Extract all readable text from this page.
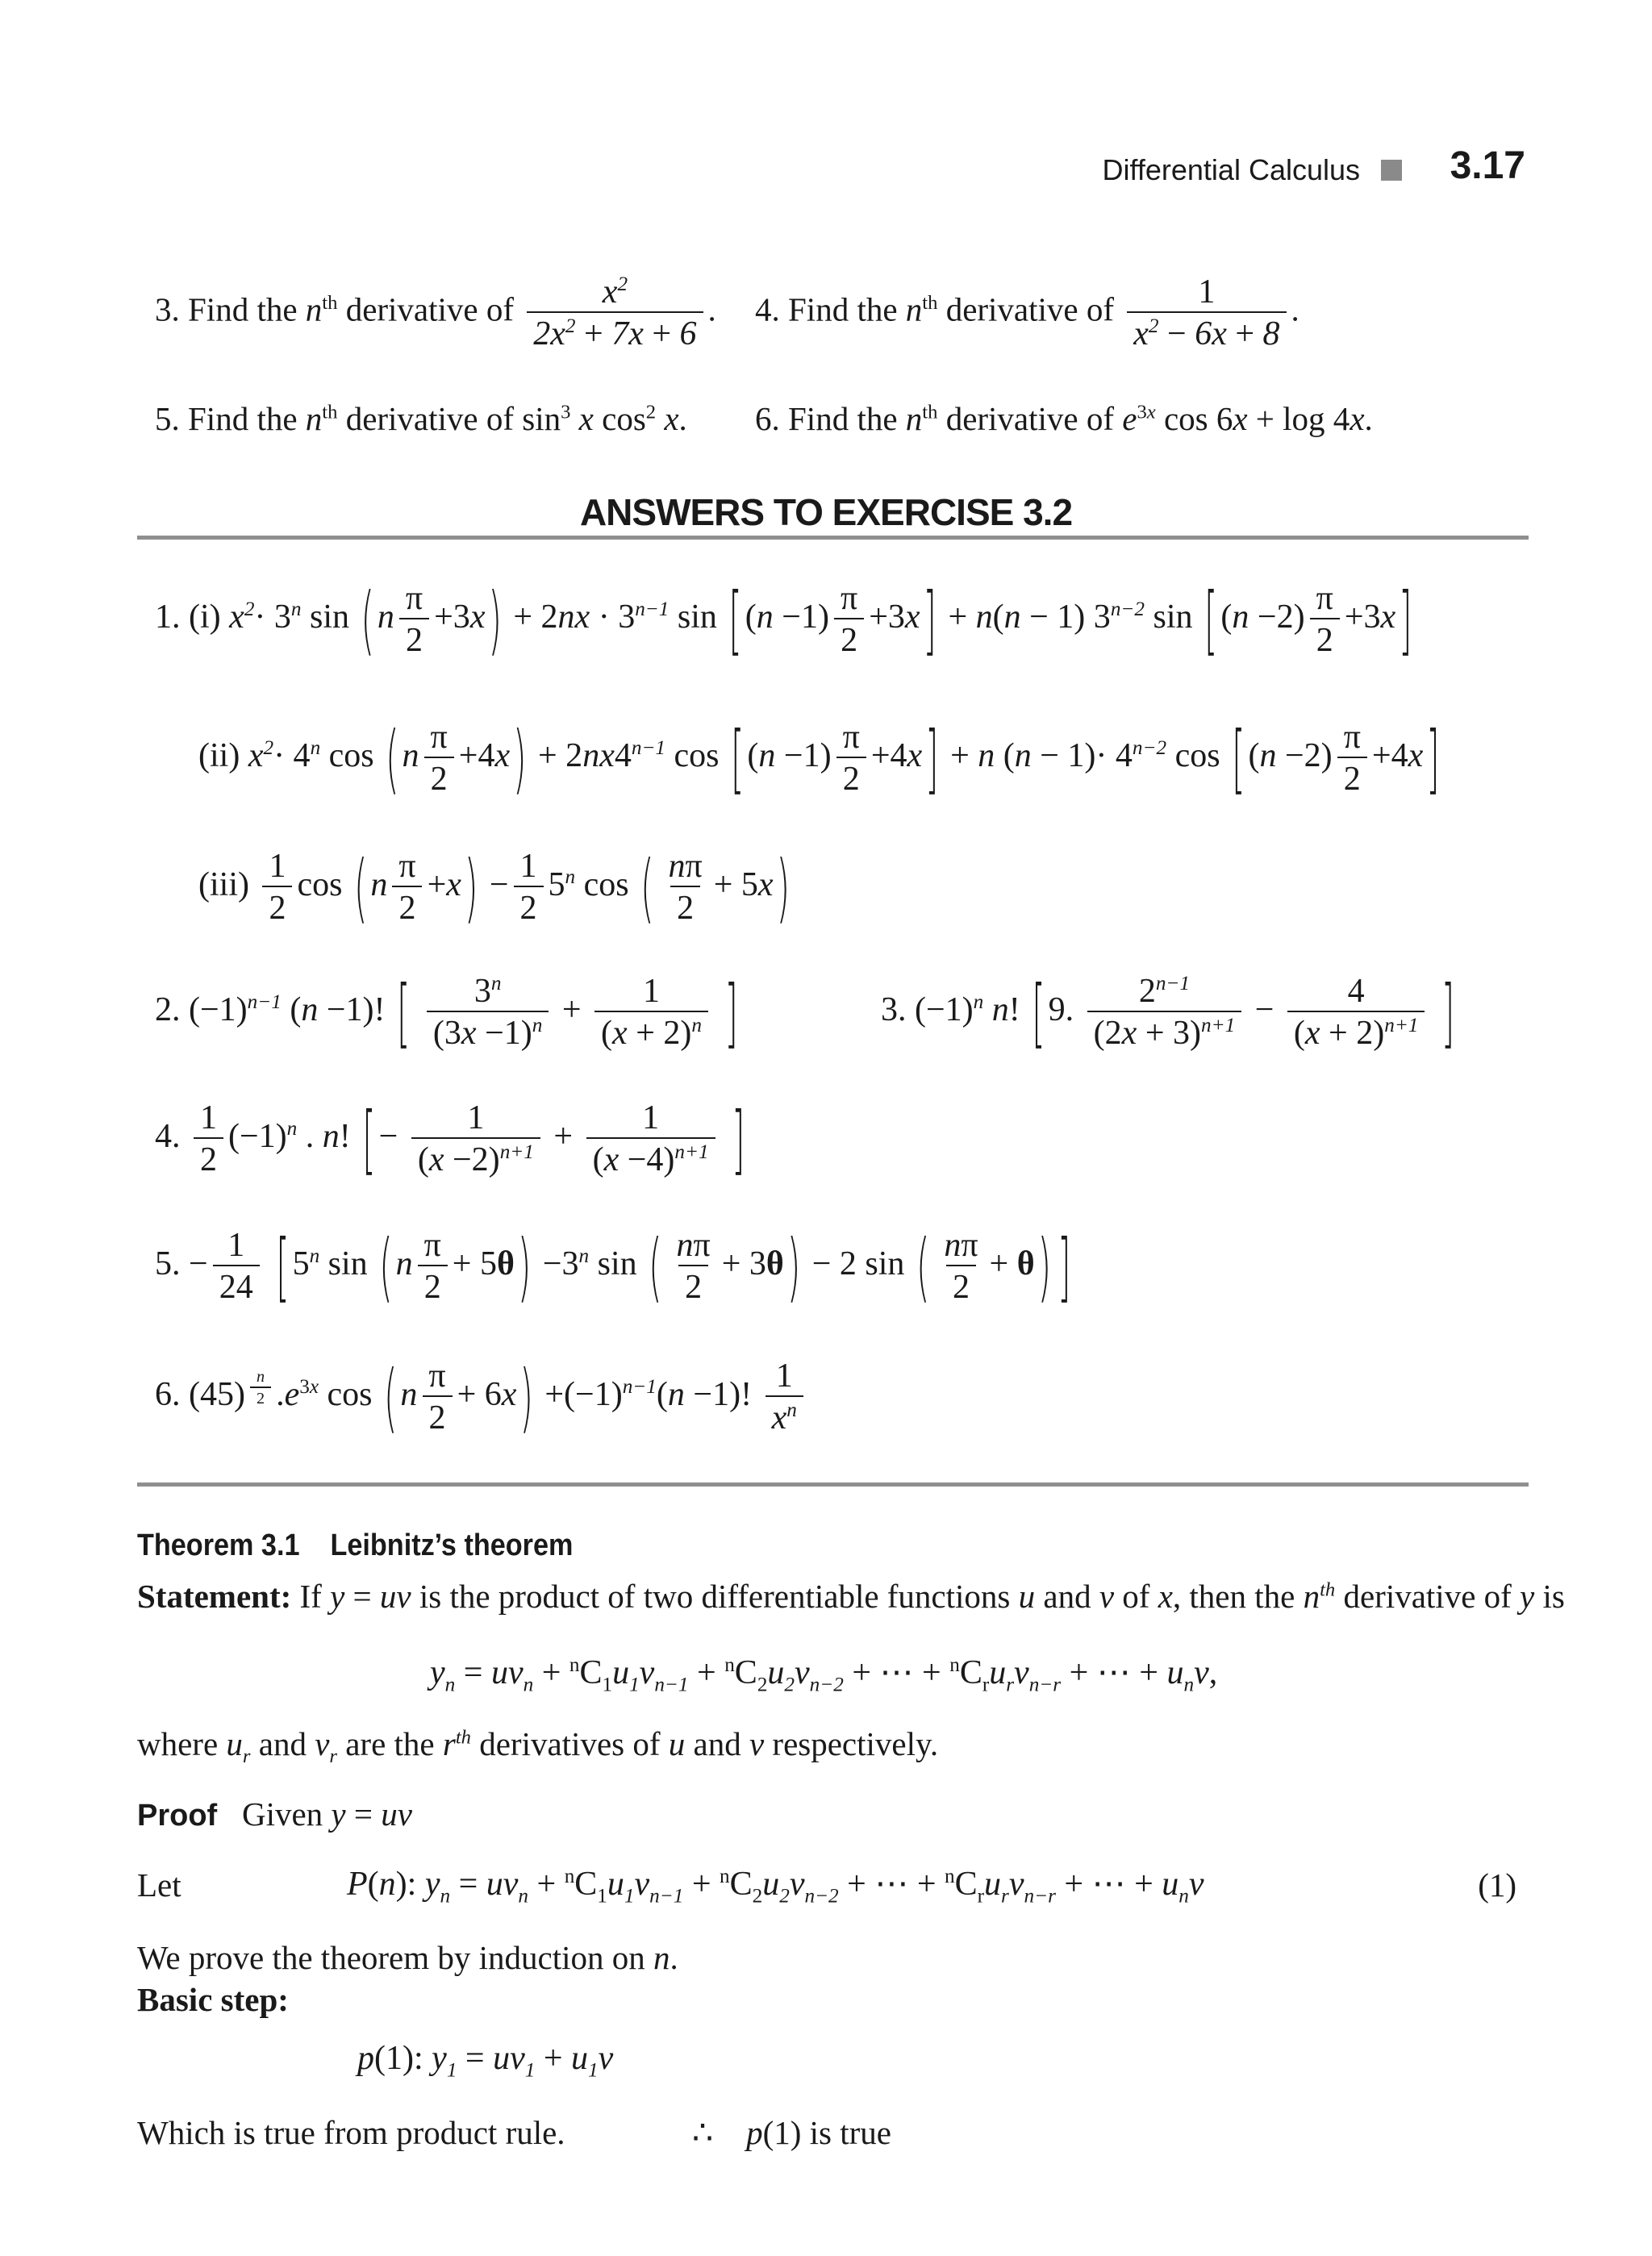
Differential Calculus 3.17
3. Find the $n^{th}$ derivative of $\frac{x^2}{2x^2 + 7x + 6}$ . 4. Find the $n^{th}$ derivative of $\frac{1}{x^2 - 6x + 8}$ .
5. Find the $n^{th}$ derivative of $\sin^3 x$ $\cos^2 x$. 6. Find the $n^{th}$ derivative of $e^{3x}$ cos 6x + log 4x.
ANSWERS TO EXERCISE 3.2
1. (i) $x^2\cdot 3^n$ $\sin (n \frac{\pi}{2} +3x) + 2nx \cdot 3^{n-1}$ $\sin [(n -1) \frac{\pi}{2} +3x] + n(n - 1)$ $3^{n-2}$ $\sin [(n -2) \frac{\pi}{2} +3x]$
(ii) $x^2\cdot 4^n$ $\cos (n \frac{\pi}{2} +4x) + 2nx4^{n-1}$ $\cos [(n -1) \frac{\pi}{2} +4x] + n$ $(n - 1)\cdot 4^{n-2}$ $\cos [(n -2) \frac{\pi}{2} +4x]$
$(iii) \frac{1}{2}$ $\cos (n \frac{\pi}{2} +x) - \frac{1}{2} 5^n$ cos ( $\frac{n\pi}{2} + 5x$)
2. $(-1)^{n-1}$ (n −1)! [ $\frac{3^n}{(3x -1)^n} + \frac{1}{(x + 2)^n}$ ]	3. $(-1)^n$ n! [9. $\frac{2^{n-1}}{(2x + 3)^{n+1}} - \frac{4}{(x + 2)^{n+1}}$ ]
4. $\frac{1}{2} (-1)^n$ . n! [− $\frac{1}{(x -2)^{n+1}} + \frac{1}{(x -4)^{n+1}}$ ]
5. − $\frac{1}{24} [5^n$ $\sin (n \frac{\pi}{2} + 5\theta) -3^n$ sin ( $\frac{n\pi}{2} + 3\theta) - 2$ sin ( $\frac{n\pi}{2} + \theta$) ]
6. (45) $^{\frac{n}{2}}$ $.e^{3x}$ $\cos (n \frac{\pi}{2} + 6x) +(-1)^{n-1}(n -1)$! $\frac{1}{x^n}$
Theorem 3.1 Leibnitz’s theorem
Statement: If y = uv is the product of two differentiable functions u and v of x, then the $n^{th}$ derivative of y is
$y_n = uv_n + ^nC_1u_1v_{n-1} + ^nC_2u_2v_{n-2}$ + ⋯ + $^nC_ru_rv_{n-r}$ + ⋯ + $u_nv$,
where $u_r$ and $v_r$ are the $r^{th}$ derivatives of u and v respectively.
Proof Given y = uv
Let	P(n): $y_n = uv_n + ^nC_1u_1v_{n-1} + ^nC_2u_2v_{n-2}$ + ⋯ + $^nC_ru_rv_{n-r}$ + ⋯ + $u_nv$	(1)
We prove the theorem by induction on n.
Basic step:
p(1): $y_1 = uv_1 + u_1v$
Which is true from product rule.	∴ p(1) is true
